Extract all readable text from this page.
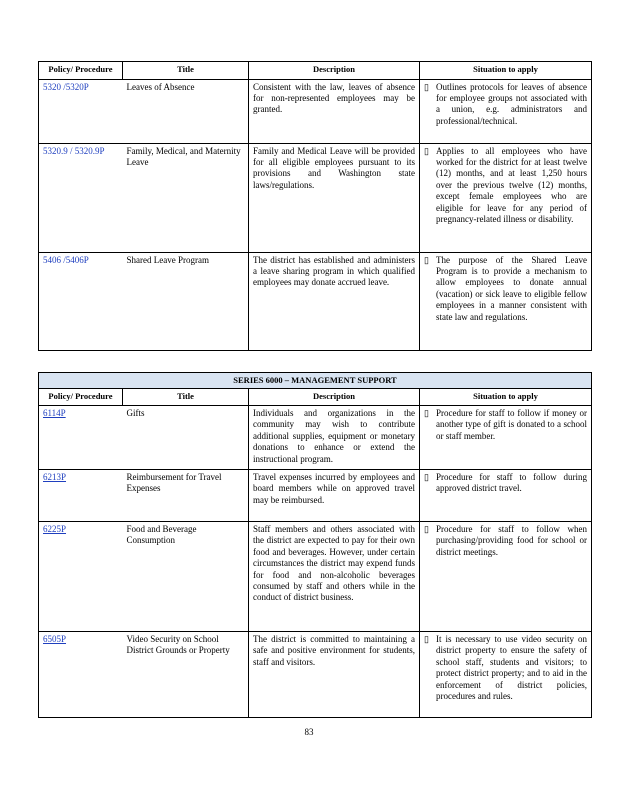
Policy/ Procedure	Title	Description	Situation to apply
5320 /5320P	Leaves of Absence	Consistent with the law, leaves of absence for non-represented employees may be granted.	▯ Outlines protocols for leaves of absence for employee groups not associated with a union, e.g. administrators and professional/technical.

5320.9 / 5320.9P	Family, Medical, and Maternity Leave	Family and Medical Leave will be provided for all eligible employees pursuant to its provisions and Washington state laws/regulations.	▯ Applies to all employees who have worked for the district for at least twelve (12) months, and at least 1,250 hours over the previous twelve (12) months, except female employees who are eligible for leave for any period of pregnancy-related illness or disability.

5406 /5406P	Shared Leave Program	The district has established and administers a leave sharing program in which qualified employees may donate accrued leave.	▯ The purpose of the Shared Leave Program is to provide a mechanism to allow employees to donate annual (vacation) or sick leave to eligible fellow employees in a manner consistent with state law and regulations.
SERIES 6000 – MANAGEMENT SUPPORT			
Policy/ Procedure	Title	Description	Situation to apply
6114P	Gifts	Individuals and organizations in the community may wish to contribute additional supplies, equipment or monetary donations to enhance or extend the instructional program.	▯ Procedure for staff to follow if money or another type of gift is donated to a school or staff member.

6213P	Reimbursement for Travel Expenses	Travel expenses incurred by employees and board members while on approved travel may be reimbursed.	▯ Procedure for staff to follow during approved district travel.

6225P	Food and Beverage Consumption	Staff members and others associated with the district are expected to pay for their own food and beverages. However, under certain circumstances the district may expend funds for food and non-alcoholic beverages consumed by staff and others while in the conduct of district business.	▯ Procedure for staff to follow when purchasing/providing food for school or district meetings.

6505P	Video Security on School District Grounds or Property	The district is committed to maintaining a safe and positive environment for students, staff and visitors.	▯ It is necessary to use video security on district property to ensure the safety of school staff, students and visitors; to protect district property; and to aid in the enforcement of district policies, procedures and rules.
83
